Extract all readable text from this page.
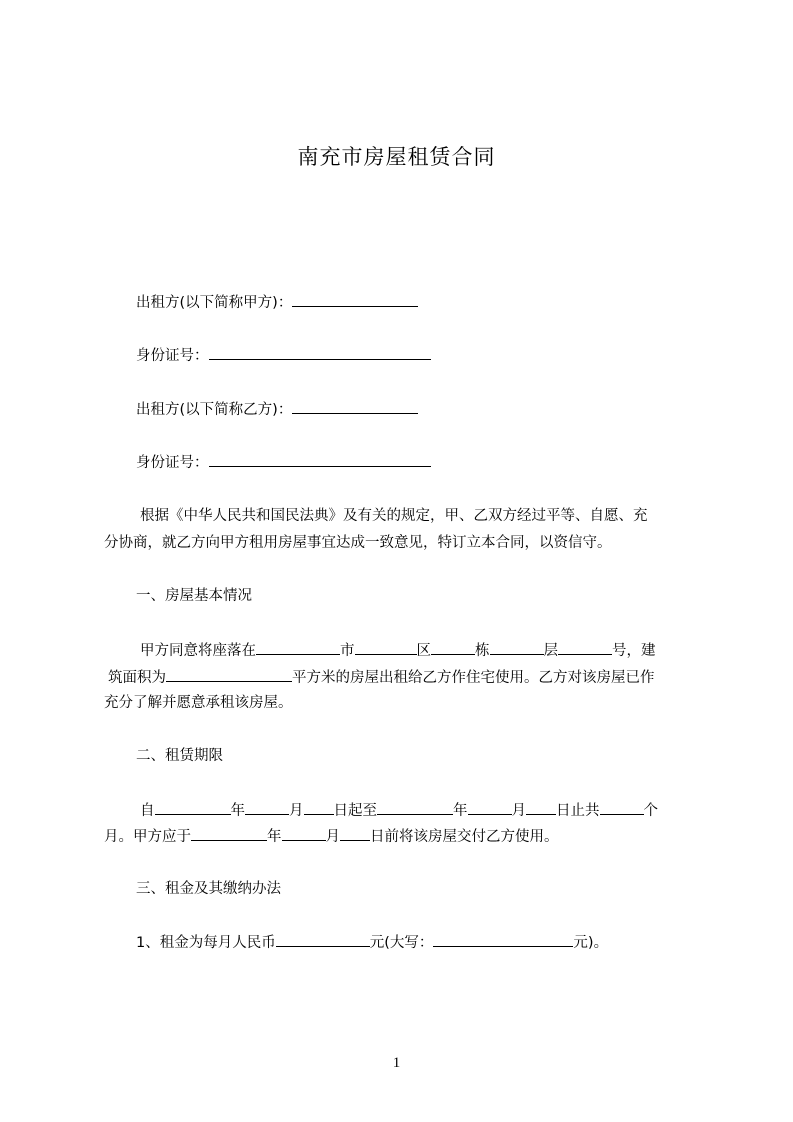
南充市房屋租赁合同
出租方(以下简称甲方)：
身份证号：
出租方(以下简称乙方)：
身份证号：
根据《中华人民共和国民法典》及有关的规定，甲、乙双方经过平等、自愿、充
分协商，就乙方向甲方租用房屋事宜达成一致意见，特订立本合同，以资信守。
一、房屋基本情况
甲方同意将座落在	市	区	栋	层	号，建
筑面积为	平方米的房屋出租给乙方作住宅使用。乙方对该房屋已作
充分了解并愿意承租该房屋。
二、租赁期限
自	年	月 日起至	年	月 日止共	个
月。甲方应于	年	月 日前将该房屋交付乙方使用。
三、租金及其缴纳办法
1、租金为每月人民币	元(大写：	元)。
1
